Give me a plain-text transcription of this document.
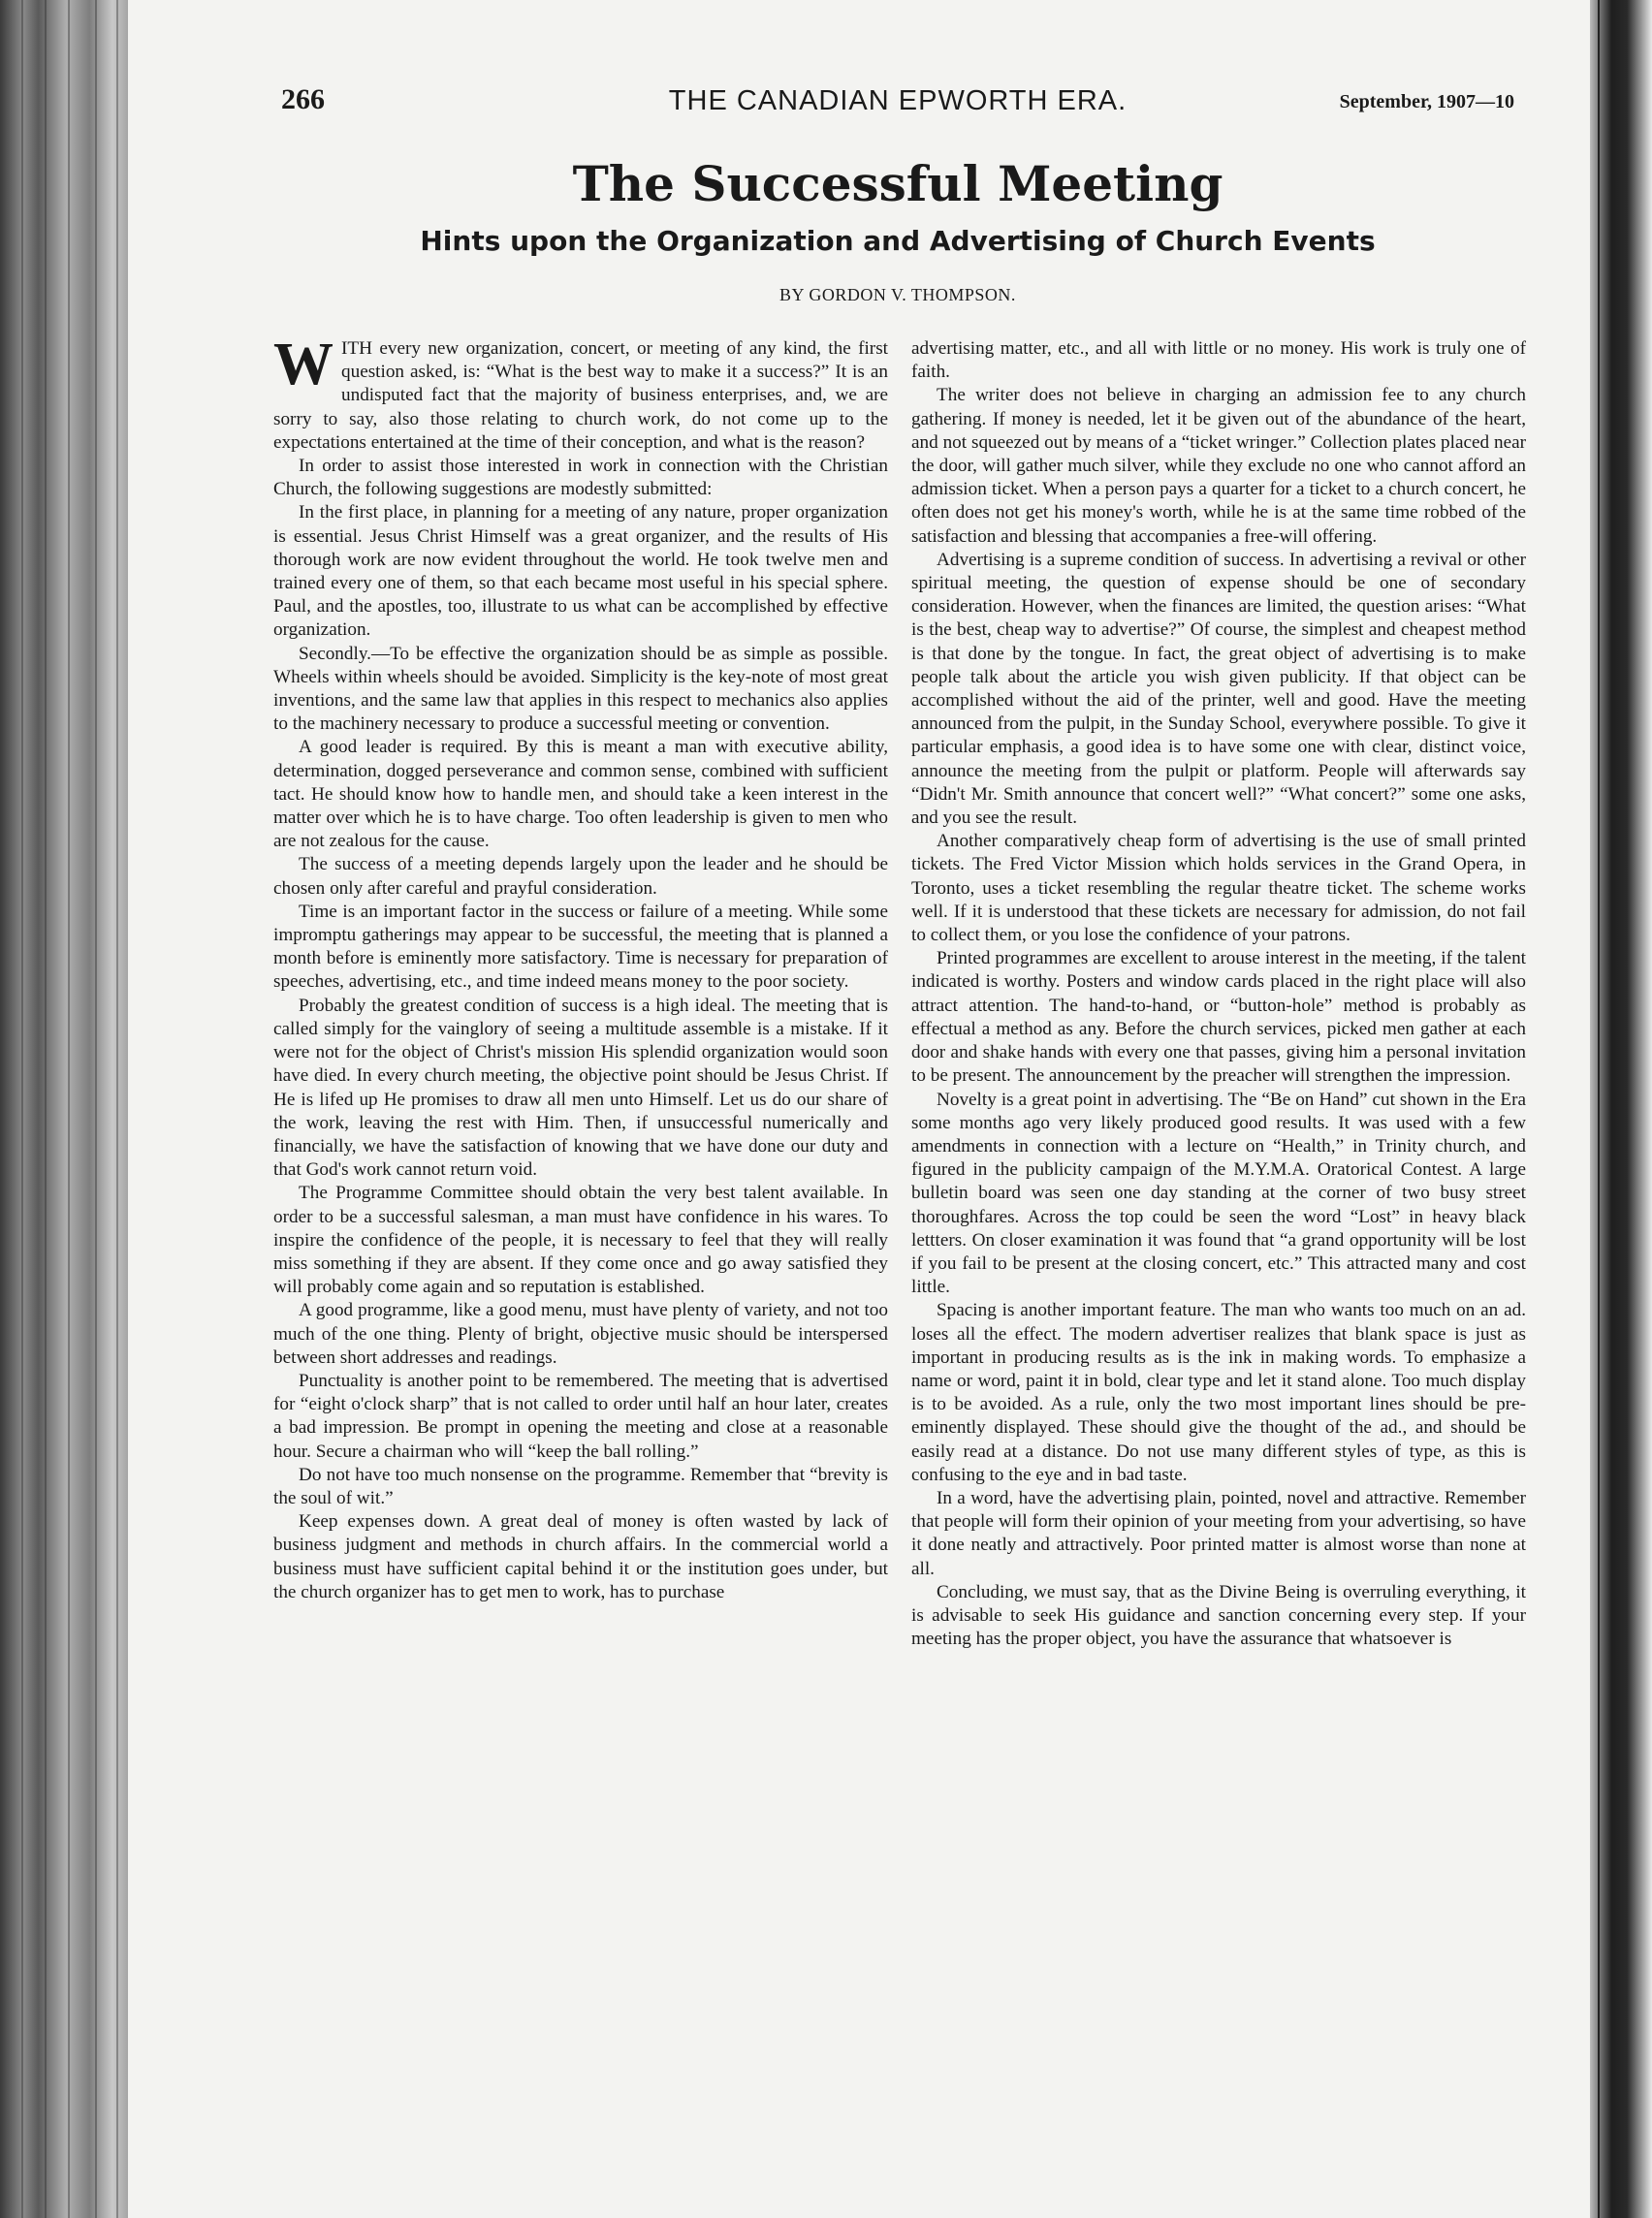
266	THE CANADIAN EPWORTH ERA.	September, 1907—10
The Successful Meeting
Hints upon the Organization and Advertising of Church Events
BY GORDON V. THOMPSON.

WITH every new organization, concert, or meeting of any kind, the first question asked, is: “What is the best way to make it a success?” It is an undisputed fact that the majority of business enterprises, and, we are sorry to say, also those relating to church work, do not come up to the expectations entertained at the time of their conception, and what is the reason?

In order to assist those interested in work in connection with the Christian Church, the following suggestions are modestly submitted:

In the first place, in planning for a meeting of any nature, proper organization is essential. Jesus Christ Himself was a great organizer, and the results of His thorough work are now evident throughout the world. He took twelve men and trained every one of them, so that each became most useful in his special sphere. Paul, and the apostles, too, illustrate to us what can be accomplished by effective organization.

Secondly.—To be effective the organization should be as simple as possible. Wheels within wheels should be avoided. Simplicity is the key-note of most great inventions, and the same law that applies in this respect to mechanics also applies to the machinery necessary to produce a successful meeting or convention.

A good leader is required. By this is meant a man with executive ability, determination, dogged perseverance and common sense, combined with sufficient tact. He should know how to handle men, and should take a keen interest in the matter over which he is to have charge. Too often leadership is given to men who are not zealous for the cause.

The success of a meeting depends largely upon the leader and he should be chosen only after careful and prayful consideration.

Time is an important factor in the success or failure of a meeting. While some impromptu gatherings may appear to be successful, the meeting that is planned a month before is eminently more satisfactory. Time is necessary for preparation of speeches, advertising, etc., and time indeed means money to the poor society.

Probably the greatest condition of success is a high ideal. The meeting that is called simply for the vainglory of seeing a multitude assemble is a mistake. If it were not for the object of Christ's mission His splendid organization would soon have died. In every church meeting, the objective point should be Jesus Christ. If He is lifed up He promises to draw all men unto Himself. Let us do our share of the work, leaving the rest with Him. Then, if unsuccessful numerically and financially, we have the satisfaction of knowing that we have done our duty and that God's work cannot return void.

The Programme Committee should obtain the very best talent available. In order to be a successful salesman, a man must have confidence in his wares. To inspire the confidence of the people, it is necessary to feel that they will really miss something if they are absent. If they come once and go away satisfied they will probably come again and so reputation is established.

A good programme, like a good menu, must have plenty of variety, and not too much of the one thing. Plenty of bright, objective music should be interspersed between short addresses and readings.

Punctuality is another point to be remembered. The meeting that is advertised for “eight o'clock sharp” that is not called to order until half an hour later, creates a bad impression. Be prompt in opening the meeting and close at a reasonable hour. Secure a chairman who will “keep the ball rolling.”

Do not have too much nonsense on the programme. Remember that “brevity is the soul of wit.”

Keep expenses down. A great deal of money is often wasted by lack of business judgment and methods in church affairs. In the commercial world a business must have sufficient capital behind it or the institution goes under, but the church organizer has to get men to work, has to purchase

advertising matter, etc., and all with little or no money. His work is truly one of faith.

The writer does not believe in charging an admission fee to any church gathering. If money is needed, let it be given out of the abundance of the heart, and not squeezed out by means of a “ticket wringer.” Collection plates placed near the door, will gather much silver, while they exclude no one who cannot afford an admission ticket. When a person pays a quarter for a ticket to a church concert, he often does not get his money's worth, while he is at the same time robbed of the satisfaction and blessing that accompanies a free-will offering.

Advertising is a supreme condition of success. In advertising a revival or other spiritual meeting, the question of expense should be one of secondary consideration. However, when the finances are limited, the question arises: “What is the best, cheap way to advertise?” Of course, the simplest and cheapest method is that done by the tongue. In fact, the great object of advertising is to make people talk about the article you wish given publicity. If that object can be accomplished without the aid of the printer, well and good. Have the meeting announced from the pulpit, in the Sunday School, everywhere possible. To give it particular emphasis, a good idea is to have some one with clear, distinct voice, announce the meeting from the pulpit or platform. People will afterwards say “Didn't Mr. Smith announce that concert well?” “What concert?” some one asks, and you see the result.

Another comparatively cheap form of advertising is the use of small printed tickets. The Fred Victor Mission which holds services in the Grand Opera, in Toronto, uses a ticket resembling the regular theatre ticket. The scheme works well. If it is understood that these tickets are necessary for admission, do not fail to collect them, or you lose the confidence of your patrons.

Printed programmes are excellent to arouse interest in the meeting, if the talent indicated is worthy. Posters and window cards placed in the right place will also attract attention. The hand-to-hand, or “button-hole” method is probably as effectual a method as any. Before the church services, picked men gather at each door and shake hands with every one that passes, giving him a personal invitation to be present. The announcement by the preacher will strengthen the impression.

Novelty is a great point in advertising. The “Be on Hand” cut shown in the Era some months ago very likely produced good results. It was used with a few amendments in connection with a lecture on “Health,” in Trinity church, and figured in the publicity campaign of the M.Y.M.A. Oratorical Contest. A large bulletin board was seen one day standing at the corner of two busy street thoroughfares. Across the top could be seen the word “Lost” in heavy black lettters. On closer examination it was found that “a grand opportunity will be lost if you fail to be present at the closing concert, etc.” This attracted many and cost little.

Spacing is another important feature. The man who wants too much on an ad. loses all the effect. The modern advertiser realizes that blank space is just as important in producing results as is the ink in making words. To emphasize a name or word, paint it in bold, clear type and let it stand alone. Too much display is to be avoided. As a rule, only the two most important lines should be pre-eminently displayed. These should give the thought of the ad., and should be easily read at a distance. Do not use many different styles of type, as this is confusing to the eye and in bad taste.

In a word, have the advertising plain, pointed, novel and attractive. Remember that people will form their opinion of your meeting from your advertising, so have it done neatly and attractively. Poor printed matter is almost worse than none at all.

Concluding, we must say, that as the Divine Being is overruling everything, it is advisable to seek His guidance and sanction concerning every step. If your meeting has the proper object, you have the assurance that whatsoever is
